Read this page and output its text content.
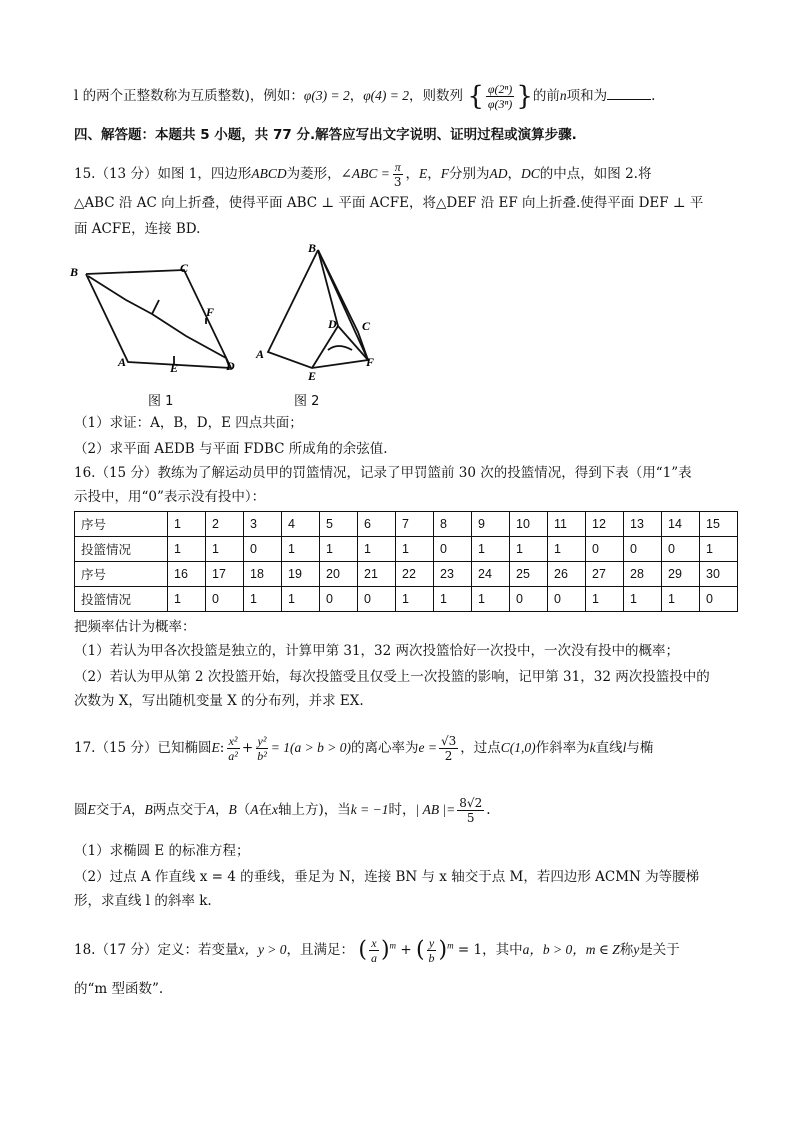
l 的两个正整数称为互质整数)，例如：φ(3) = 2，φ(4) = 2，则数列 { $\frac{\text{φ(2ⁿ)}}{\text{φ(3ⁿ)}}$ }的前n项和为	.
四、解答题：本题共 5 小题，共 77 分.解答应写出文字说明、证明过程或演算步骤.
15.（13 分）如图 1，四边形ABCD为菱形，∠ABC = $\frac{\pi}{3}$ ，E，F分别为AD，DC的中点，如图 2.将
△ABC 沿 AC 向上折叠，使得平面 ABC ⊥ 平面 ACFE，将△DEF 沿 EF 向上折叠.使得平面 DEF ⊥ 平
面 ACFE，连接 BD.
B	C
F
A	E	D
B
D C
A
F
E
图 1	图 2
（1）求证：A，B，D，E 四点共面；
（2）求平面 AEDB 与平面 FDBC 所成角的余弦值.
16.（15 分）教练为了解运动员甲的罚篮情况，记录了甲罚篮前 30 次的投篮情况，得到下表（用“1”表
示投中，用“0”表示没有投中）：
序号	1	2	3	4	5	6	7	8	9	10	11	12	13	14	15
投篮情况	1	1	0	1	1	1	1	0	1	1	1	0	0	0	1
序号	16	17	18	19	20	21	22	23	24	25	26	27	28	29	30
投篮情况	1	0	1	1	0	0	1	1	1	0	0	1	1	1	0
把频率估计为概率：
（1）若认为甲各次投篮是独立的，计算甲第 31，32 两次投篮恰好一次投中，一次没有投中的概率；
（2）若认为甲从第 2 次投篮开始，每次投篮受且仅受上一次投篮的影响，记甲第 31，32 两次投篮投中的
次数为 X，写出随机变量 X 的分布列，并求 EX.
17.（15 分）已知椭圆E: $\frac{\text{x²}}{\text{a²}} + \frac{\text{y²}}{\text{b²}} = 1(a > b > 0)$的离心率为$e = \frac{√3}{2}$ ，过点C(1,0)作斜率为k直线l与椭
圆E交于A，B两点交于A，B（A在x轴上方)，当k = −1时，| AB |= $\frac{8√2}{5}$ .
（1）求椭圆 E 的标准方程；
（2）过点 A 作直线 x = 4 的垂线，垂足为 N，连接 BN 与 x 轴交于点 M，若四边形 ACMN 为等腰梯
形，求直线 l 的斜率 k.
18.（17 分）定义：若变量x，y > 0，且满足： ( $\frac{x}{a} )^m$ + ( $\frac{y}{b} )^m = 1$，其中a，b > 0，m ∈ Z称y是关于
的“m 型函数”.
